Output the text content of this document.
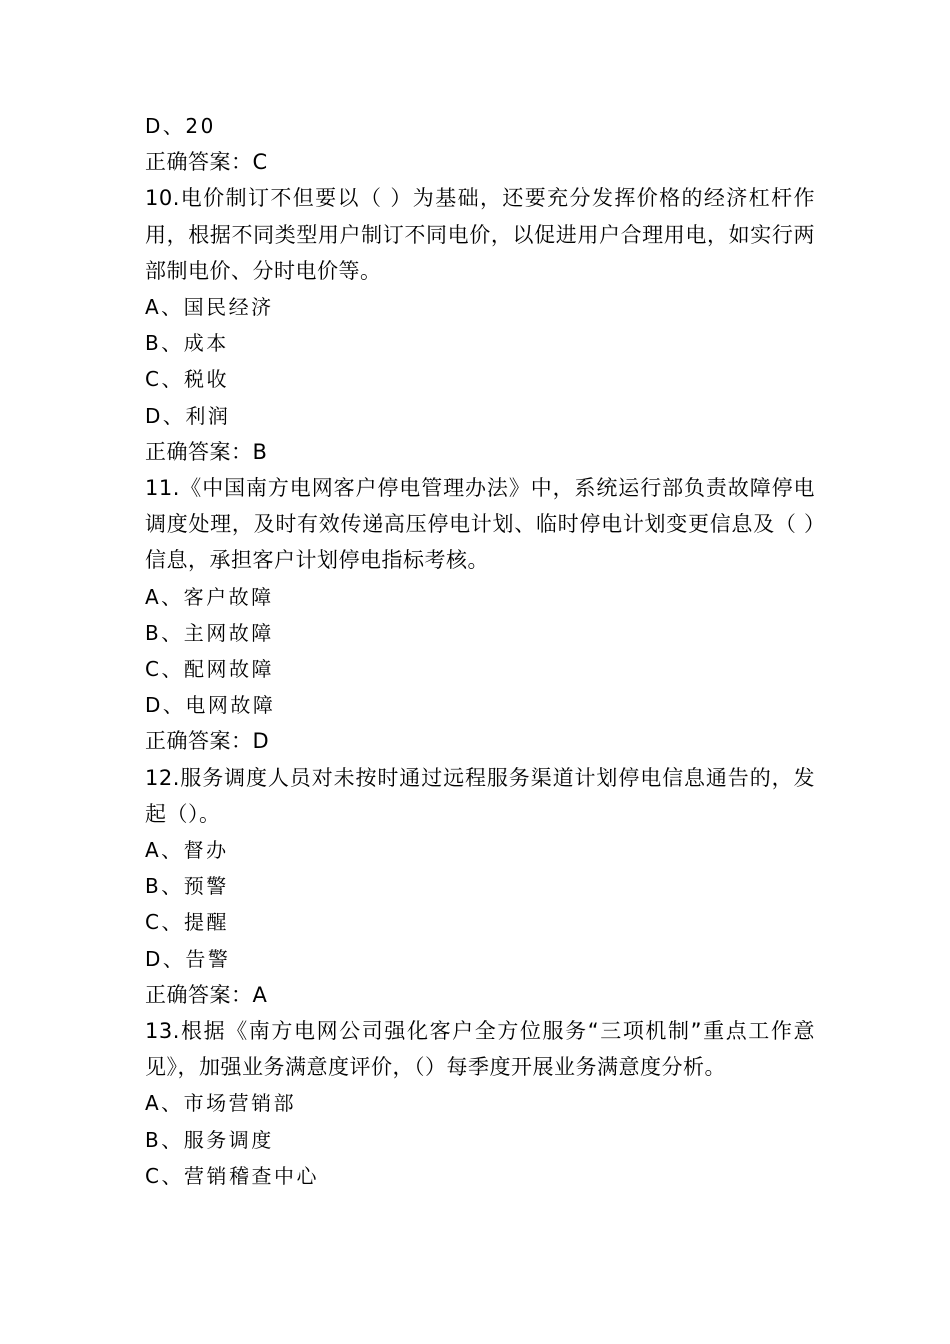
D、20
正确答案：C
10.电价制订不但要以（ ）为基础，还要充分发挥价格的经济杠杆作用，根据不同类型用户制订不同电价，以促进用户合理用电，如实行两部制电价、分时电价等。
A、国民经济
B、成本
C、税收
D、利润
正确答案：B
11.《中国南方电网客户停电管理办法》中，系统运行部负责故障停电调度处理，及时有效传递高压停电计划、临时停电计划变更信息及（ ）信息，承担客户计划停电指标考核。
A、客户故障
B、主网故障
C、配网故障
D、电网故障
正确答案：D
12.服务调度人员对未按时通过远程服务渠道计划停电信息通告的，发起（）。
A、督办
B、预警
C、提醒
D、告警
正确答案：A
13.根据《南方电网公司强化客户全方位服务“三项机制”重点工作意见》，加强业务满意度评价，（）每季度开展业务满意度分析。
A、市场营销部
B、服务调度
C、营销稽查中心
